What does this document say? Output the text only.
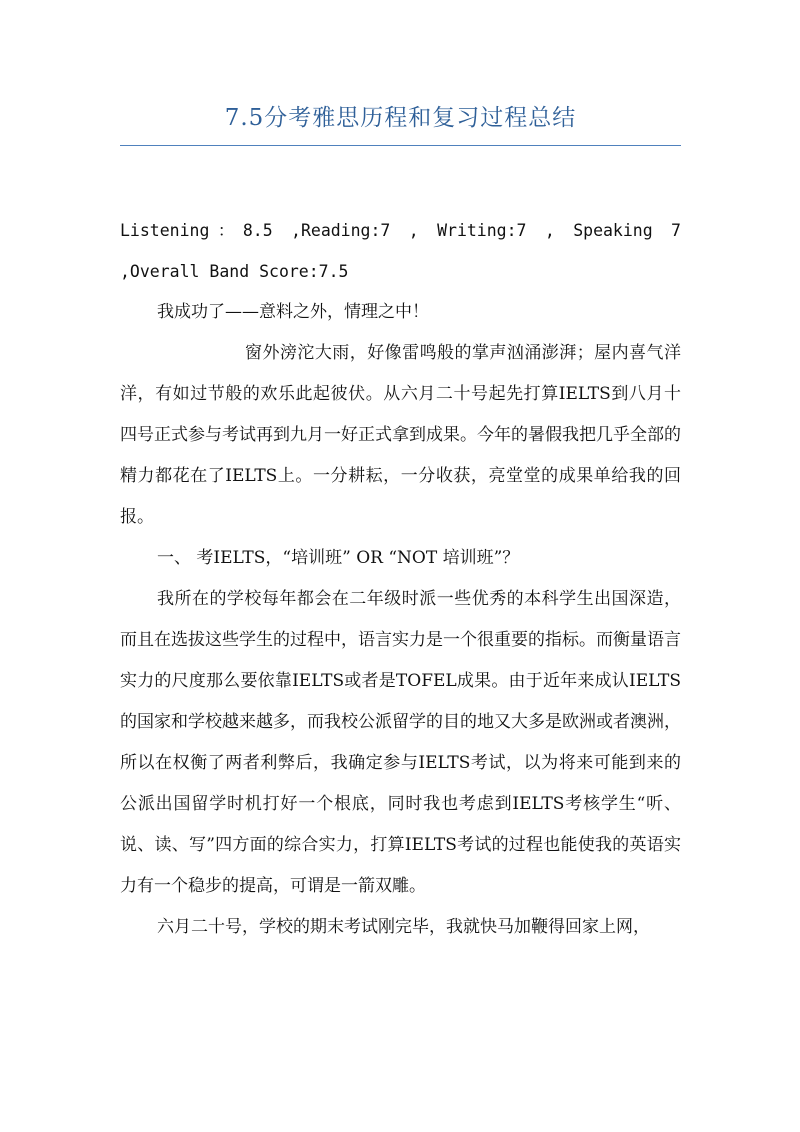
7.5分考雅思历程和复习过程总结

Listening：8.5 ,Reading:7 , Writing:7 , Speaking 7 ,Overall Band Score:7.5

我成功了——意料之外，情理之中！

窗外滂沱大雨，好像雷鸣般的掌声汹涌澎湃；屋内喜气洋洋，有如过节般的欢乐此起彼伏。从六月二十号起先打算IELTS到八月十四号正式参与考试再到九月一好正式拿到成果。今年的暑假我把几乎全部的精力都花在了IELTS上。一分耕耘，一分收获，亮堂堂的成果单给我的回报。

一、 考IELTS，“培训班” OR “NOT 培训班”？

我所在的学校每年都会在二年级时派一些优秀的本科学生出国深造，而且在选拔这些学生的过程中，语言实力是一个很重要的指标。而衡量语言实力的尺度那么要依靠IELTS或者是TOFEL成果。由于近年来成认IELTS的国家和学校越来越多，而我校公派留学的目的地又大多是欧洲或者澳洲，所以在权衡了两者利弊后，我确定参与IELTS考试，以为将来可能到来的公派出国留学时机打好一个根底，同时我也考虑到IELTS考核学生“听、说、读、写”四方面的综合实力，打算IELTS考试的过程也能使我的英语实力有一个稳步的提高，可谓是一箭双雕。

六月二十号，学校的期末考试刚完毕，我就快马加鞭得回家上网，
